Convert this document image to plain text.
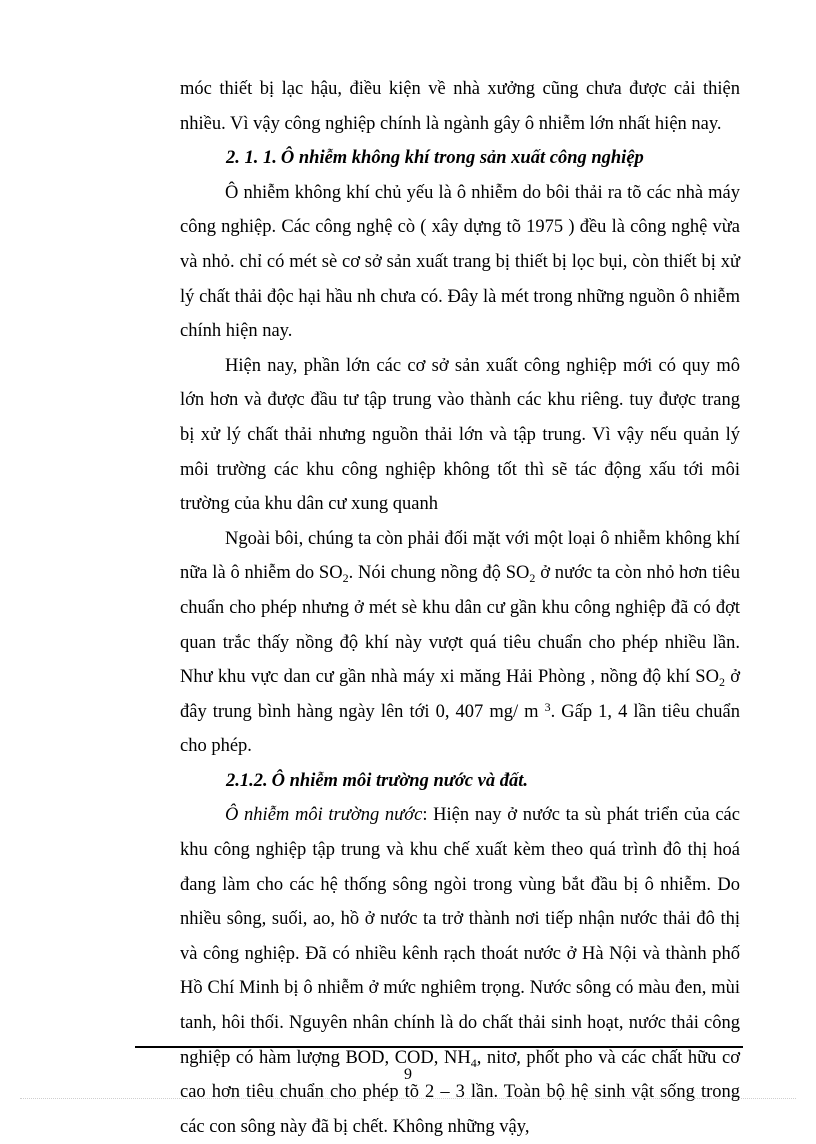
móc thiết bị lạc hậu, điều kiện về nhà xưởng cũng chưa được cải thiện nhiều. Vì vậy công nghiệp chính là ngành gây ô nhiễm lớn nhất hiện nay.

2. 1. 1. Ô nhiễm không khí trong sản xuất công nghiệp

Ô nhiễm không khí chủ yếu là ô nhiễm do bôi thải ra tõ các nhà máy công nghiệp. Các công nghệ cò ( xây dựng tõ 1975 ) đều là công nghệ vừa và nhỏ. chỉ có mét sè cơ sở sản xuất trang bị thiết bị lọc bụi, còn thiết bị xử lý chất thải độc hại hầu nh chưa có. Đây là mét trong những nguồn ô nhiễm chính hiện nay.

Hiện nay, phần lớn các cơ sở sản xuất công nghiệp mới có quy mô lớn hơn và được đầu tư tập trung vào thành các khu riêng. tuy được trang bị xử lý chất thải nhưng nguồn thải lớn và tập trung. Vì vậy nếu quản lý môi trường các khu công nghiệp không tốt thì sẽ tác động xấu tới môi trường của khu dân cư xung quanh

Ngoài bôi, chúng ta còn phải đối mặt với một loại ô nhiễm không khí nữa là ô nhiễm do $SO_2$. Nói chung nồng độ $SO_2$ ở nước ta còn nhỏ hơn tiêu chuẩn cho phép nhưng ở mét sè khu dân cư gần khu công nghiệp đã có đợt quan trắc thấy nồng độ khí này vượt quá tiêu chuẩn cho phép nhiều lần. Như khu vực dan cư gần nhà máy xi măng Hải Phòng , nồng độ khí $SO_2$ ở đây trung bình hàng ngày lên tới 0, 407 mg/ m $^3$. Gấp 1, 4 lần tiêu chuẩn cho phép.

2.1.2. Ô nhiễm môi trường nước và đất.

Ô nhiễm môi trường nước: Hiện nay ở nước ta sù phát triển của các khu công nghiệp tập trung và khu chế xuất kèm theo quá trình đô thị hoá đang làm cho các hệ thống sông ngòi trong vùng bắt đầu bị ô nhiễm. Do nhiều sông, suối, ao, hồ ở nước ta trở thành nơi tiếp nhận nước thải đô thị và công nghiệp. Đã có nhiều kênh rạch thoát nước ở Hà Nội và thành phố Hồ Chí Minh bị ô nhiễm ở mức nghiêm trọng. Nước sông có màu đen, mùi tanh, hôi thối. Nguyên nhân chính là do chất thải sinh hoạt, nước thải công nghiệp có hàm lượng BOD, COD, $NH_4$, nitơ, phốt pho và các chất hữu cơ cao hơn tiêu chuẩn cho phép tõ 2 – 3 lần. Toàn bộ hệ sinh vật sống trong các con sông này đã bị chết. Không những vậy,

9
